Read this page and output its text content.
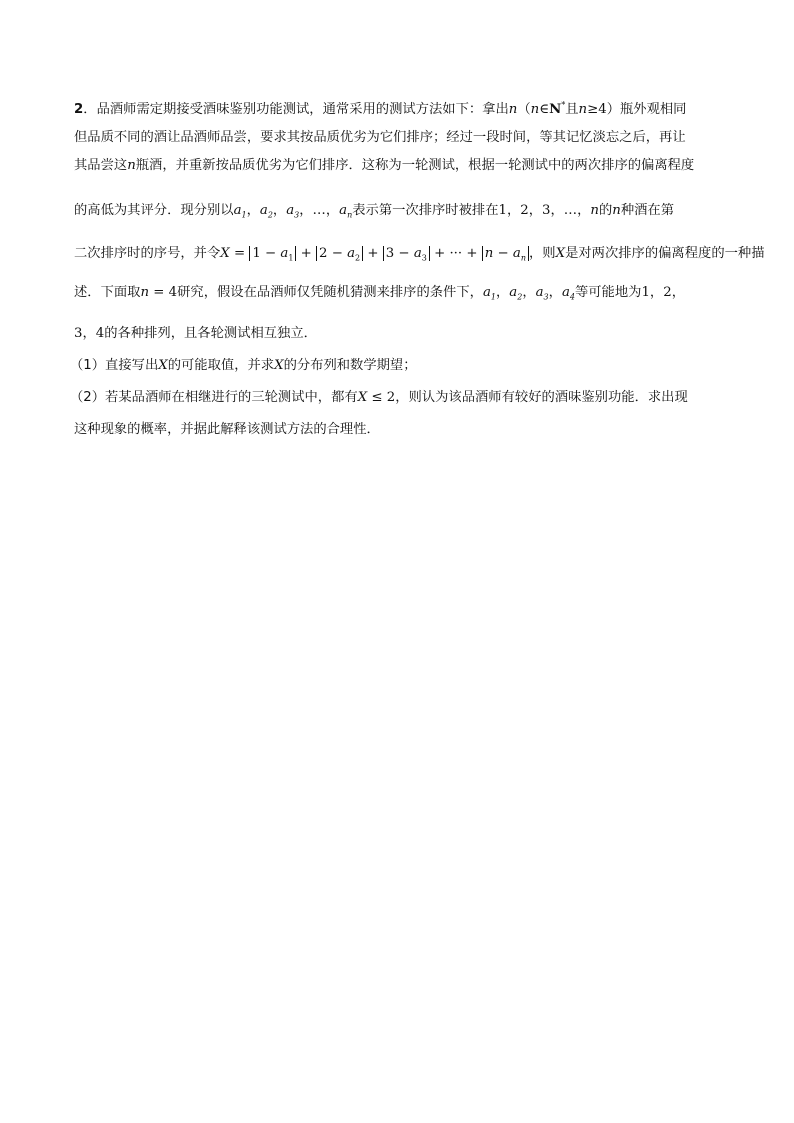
2．品酒师需定期接受酒味鉴别功能测试，通常采用的测试方法如下：拿出n（n∈N*且n≥4）瓶外观相同
但品质不同的酒让品酒师品尝，要求其按品质优劣为它们排序；经过一段时间，等其记忆淡忘之后，再让
其品尝这n瓶酒，并重新按品质优劣为它们排序．这称为一轮测试，根据一轮测试中的两次排序的偏离程度
的高低为其评分．现分别以$a_1$，$a_2$，$a_3$，…，$a_n$表示第一次排序时被排在1，2，3，…，n的n种酒在第
二次排序时的序号，并令$X = 1 - a_1 + 2 - a_2 + 3 - a_3$ + ··· + $n - a_n$ ，则X是对两次排序的偏离程度的一种描
述．下面取n = 4研究，假设在品酒师仅凭随机猜测来排序的条件下，$a_1$，$a_2$，$a_3$，$a_4$等可能地为1，2，
3，4的各种排列，且各轮测试相互独立．
（1）直接写出X的可能取值，并求X的分布列和数学期望；
（2）若某品酒师在相继进行的三轮测试中，都有X ≤ 2，则认为该品酒师有较好的酒味鉴别功能．求出现
这种现象的概率，并据此解释该测试方法的合理性．
